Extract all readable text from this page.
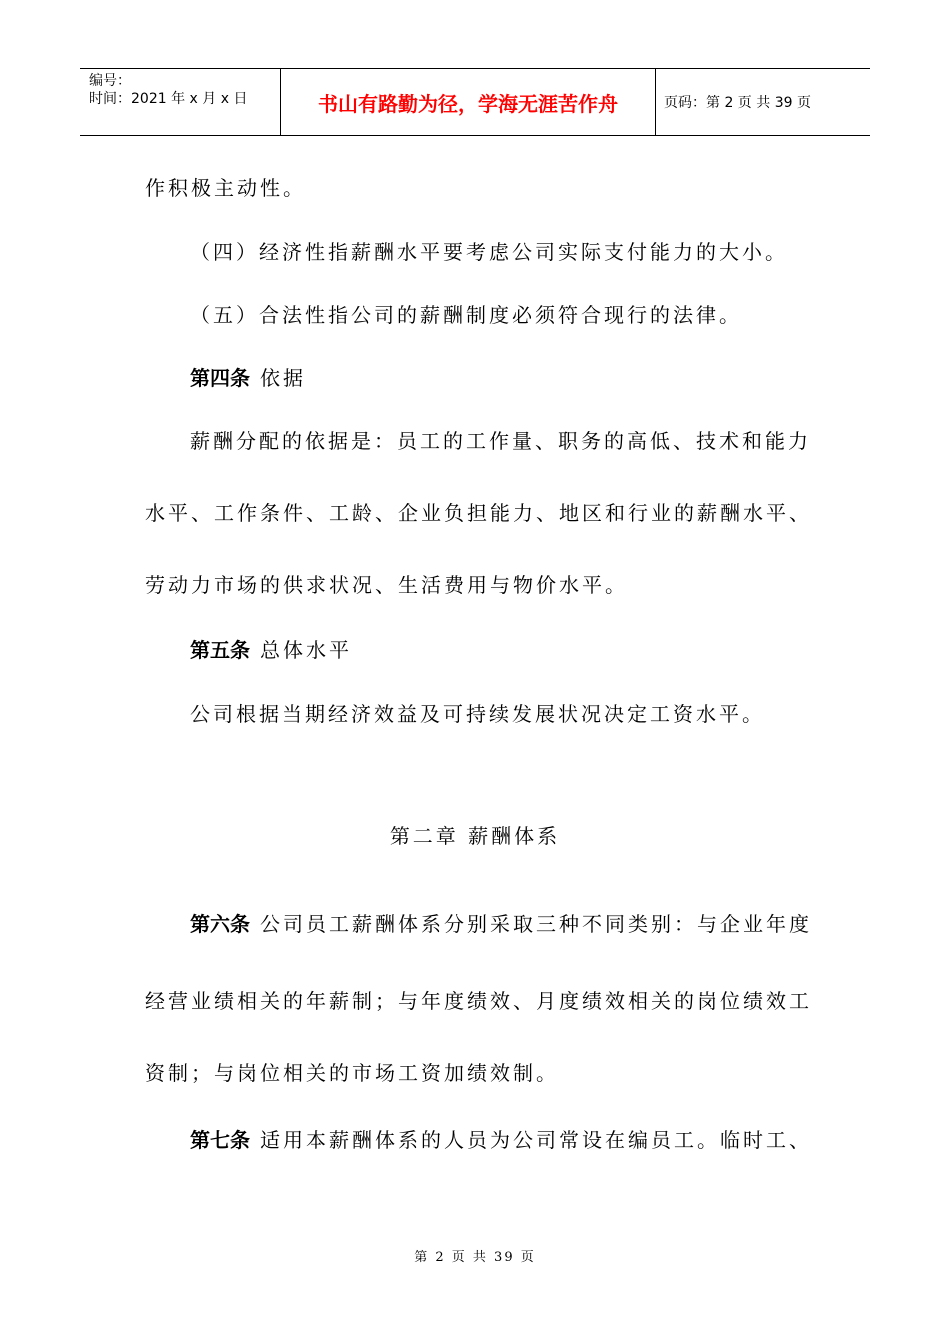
编号：
时间：2021 年 x 月 x 日	书山有路勤为径，学海无涯苦作舟	页码：第 2 页 共 39 页
作积极主动性。
（四）经济性指薪酬水平要考虑公司实际支付能力的大小。
（五）合法性指公司的薪酬制度必须符合现行的法律。
第四条 依据
薪酬分配的依据是：员工的工作量、职务的高低、技术和能力
水平、工作条件、工龄、企业负担能力、地区和行业的薪酬水平、
劳动力市场的供求状况、生活费用与物价水平。
第五条 总体水平
公司根据当期经济效益及可持续发展状况决定工资水平。
第二章 薪酬体系
第六条 公司员工薪酬体系分别采取三种不同类别：与企业年度
经营业绩相关的年薪制；与年度绩效、月度绩效相关的岗位绩效工
资制；与岗位相关的市场工资加绩效制。
第七条 适用本薪酬体系的人员为公司常设在编员工。临时工、
第 2 页 共 39 页
